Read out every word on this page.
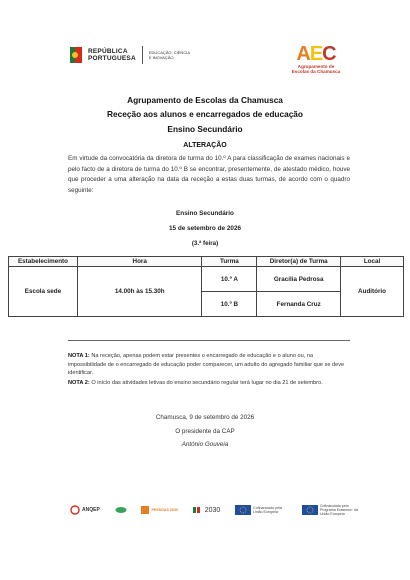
REPÚBLICA
PORTUGUESA
EDUCAÇÃO, CIÊNCIA
E INOVAÇÃO	AEC
Agrupamento de
Escolas da Chamusca
Agrupamento de Escolas da Chamusca
Receção aos alunos e encarregados de educação
Ensino Secundário
ALTERAÇÃO
Em virtude da convocatória da diretora de turma do 10.º A para classificação de exames nacionais e pelo facto de a diretora de turma do 10.º B se encontrar, presentemente, de atestado médico, houve que proceder a uma alteração na data da receção a estas duas turmas, de acordo com o quadro seguinte:
Ensino Secundário
15 de setembro de 2026
(3.ª feira)
Estabelecimento	Hora	Turma	Diretor(a) de Turma	Local
Escola sede	14.00h às 15.30h	10.º A	Gracília Pedrosa	Auditório
		10.º B	Fernanda Cruz	
NOTA 1: Na receção, apenas podem estar presentes o encarregado de educação e o aluno ou, na impossibilidade de o encarregado de educação poder comparecer, um adulto do agregado familiar que se deve identificar.
NOTA 2: O início das atividades letivas do ensino secundário regular terá lugar no dia 21 de setembro.
Chamusca, 9 de setembro de 2026
O presidente da CAP
António Gouveia
ANQEP	PESSOAS 2030	2030	Cofinanciado pela União Europeia
Cofinanciado pelo Programa Erasmus+ da União Europeia
